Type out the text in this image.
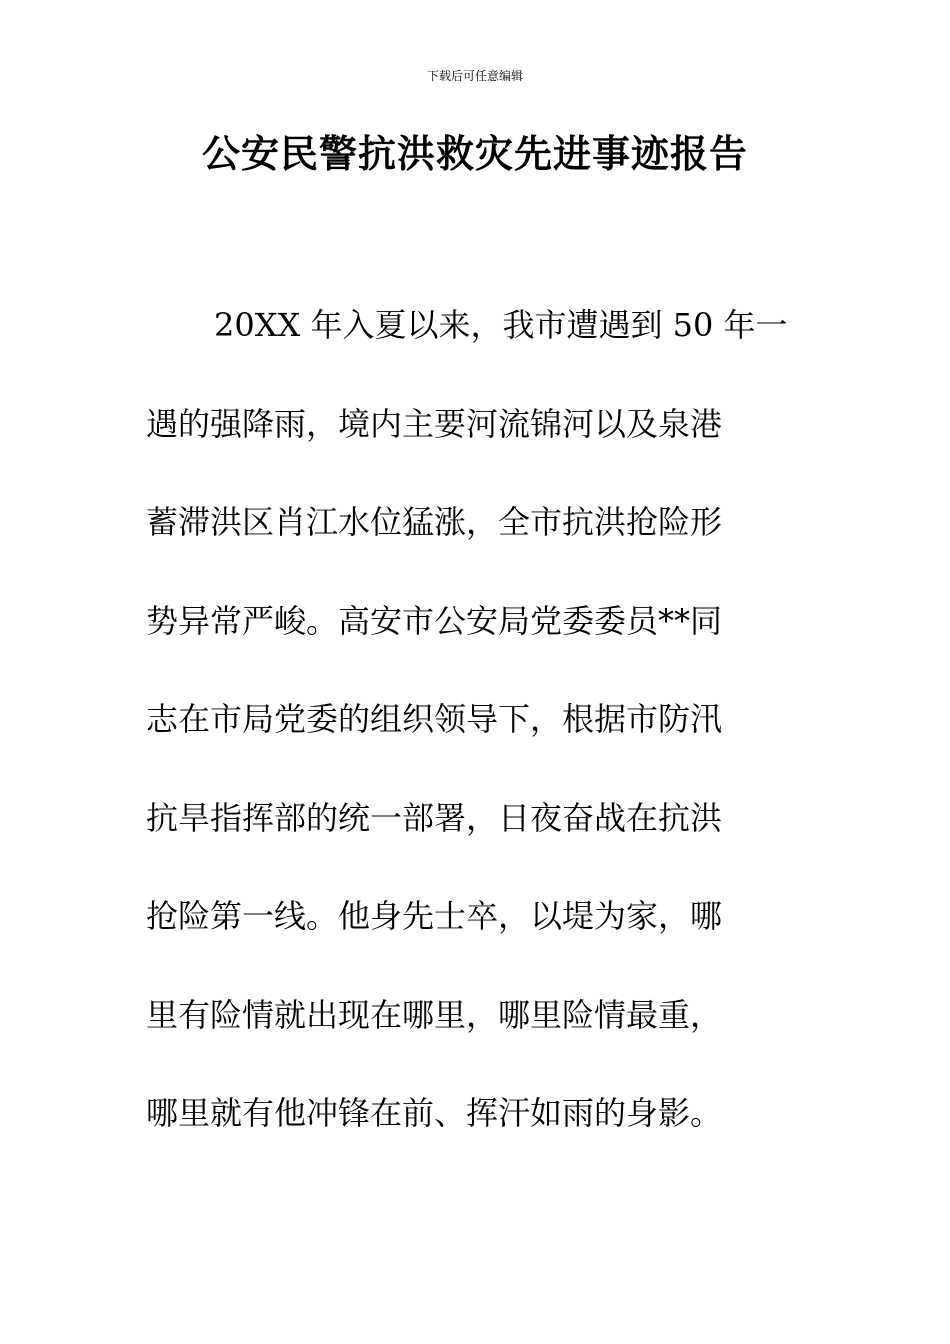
下载后可任意编辑
公安民警抗洪救灾先进事迹报告
20XX 年入夏以来，我市遭遇到 50 年一
遇的强降雨，境内主要河流锦河以及泉港
蓄滞洪区肖江水位猛涨，全市抗洪抢险形
势异常严峻。高安市公安局党委委员**同
志在市局党委的组织领导下，根据市防汛
抗旱指挥部的统一部署，日夜奋战在抗洪
抢险第一线。他身先士卒，以堤为家，哪
里有险情就出现在哪里，哪里险情最重，
哪里就有他冲锋在前、挥汗如雨的身影。
